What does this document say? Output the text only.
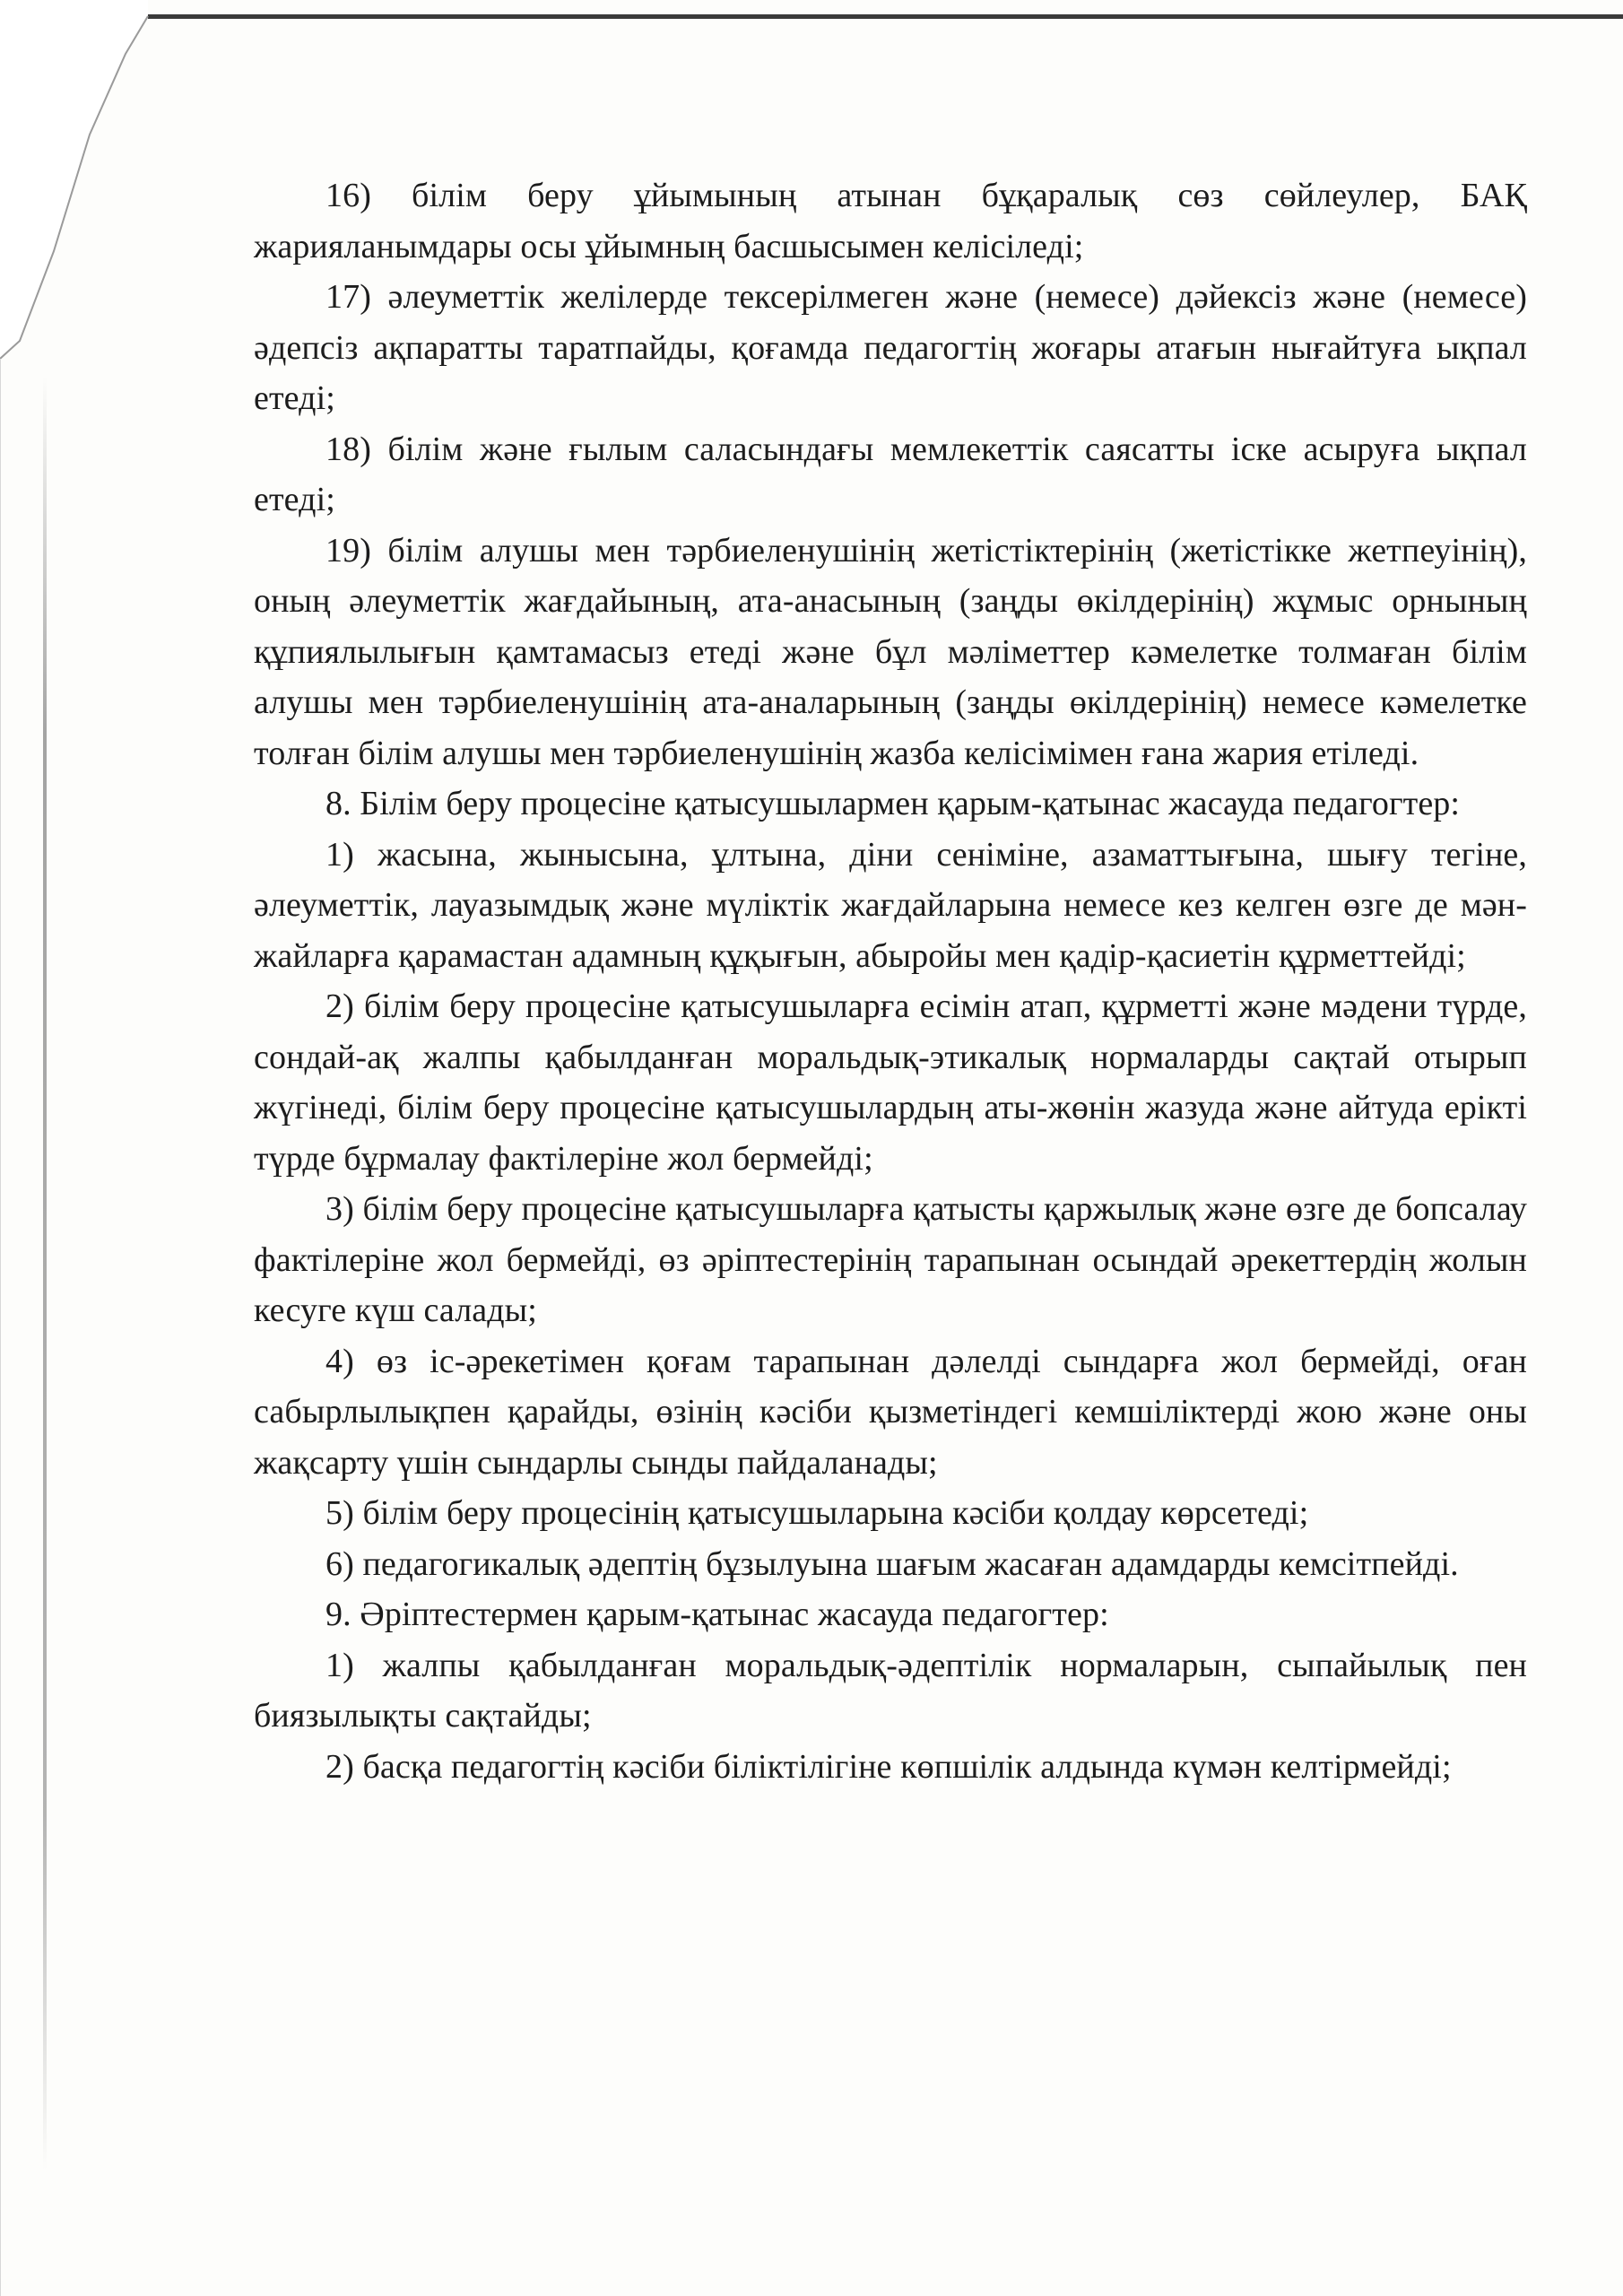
16) білім беру ұйымының атынан бұқаралық сөз сөйлеулер, БАҚ жарияланымдары осы ұйымның басшысымен келісіледі;

17) әлеуметтік желілерде тексерілмеген және (немесе) дәйексіз және (немесе) әдепсіз ақпаратты таратпайды, қоғамда педагогтің жоғары атағын нығайтуға ықпал етеді;

18) білім және ғылым саласындағы мемлекеттік саясатты іске асыруға ықпал етеді;

19) білім алушы мен тәрбиеленушінің жетістіктерінің (жетістікке жетпеуінің), оның әлеуметтік жағдайының, ата-анасының (заңды өкілдерінің) жұмыс орнының құпиялылығын қамтамасыз етеді және бұл мәліметтер кәмелетке толмаған білім алушы мен тәрбиеленушінің ата-аналарының (заңды өкілдерінің) немесе кәмелетке толған білім алушы мен тәрбиеленушінің жазба келісімімен ғана жария етіледі.

8. Білім беру процесіне қатысушылармен қарым-қатынас жасауда педагогтер:

1) жасына, жынысына, ұлтына, діни сеніміне, азаматтығына, шығу тегіне, әлеуметтік, лауазымдық және мүліктік жағдайларына немесе кез келген өзге де мән-жайларға қарамастан адамның құқығын, абыройы мен қадір-қасиетін құрметтейді;

2) білім беру процесіне қатысушыларға есімін атап, құрметті және мәдени түрде, сондай-ақ жалпы қабылданған моральдық-этикалық нормаларды сақтай отырып жүгінеді, білім беру процесіне қатысушылардың аты-жөнін жазуда және айтуда ерікті түрде бұрмалау фактілеріне жол бермейді;

3) білім беру процесіне қатысушыларға қатысты қаржылық және өзге де бопсалау фактілеріне жол бермейді, өз әріптестерінің тарапынан осындай әрекеттердің жолын кесуге күш салады;

4) өз іс-әрекетімен қоғам тарапынан дәлелді сындарға жол бермейді, оған сабырлылықпен қарайды, өзінің кәсіби қызметіндегі кемшіліктерді жою және оны жақсарту үшін сындарлы сынды пайдаланады;

5) білім беру процесінің қатысушыларына кәсіби қолдау көрсетеді;

6) педагогикалық әдептің бұзылуына шағым жасаған адамдарды кемсітпейді.

9. Әріптестермен қарым-қатынас жасауда педагогтер:

1) жалпы қабылданған моральдық-әдептілік нормаларын, сыпайылық пен биязылықты сақтайды;

2) басқа педагогтің кәсіби біліктілігіне көпшілік алдында күмән келтірмейді;
